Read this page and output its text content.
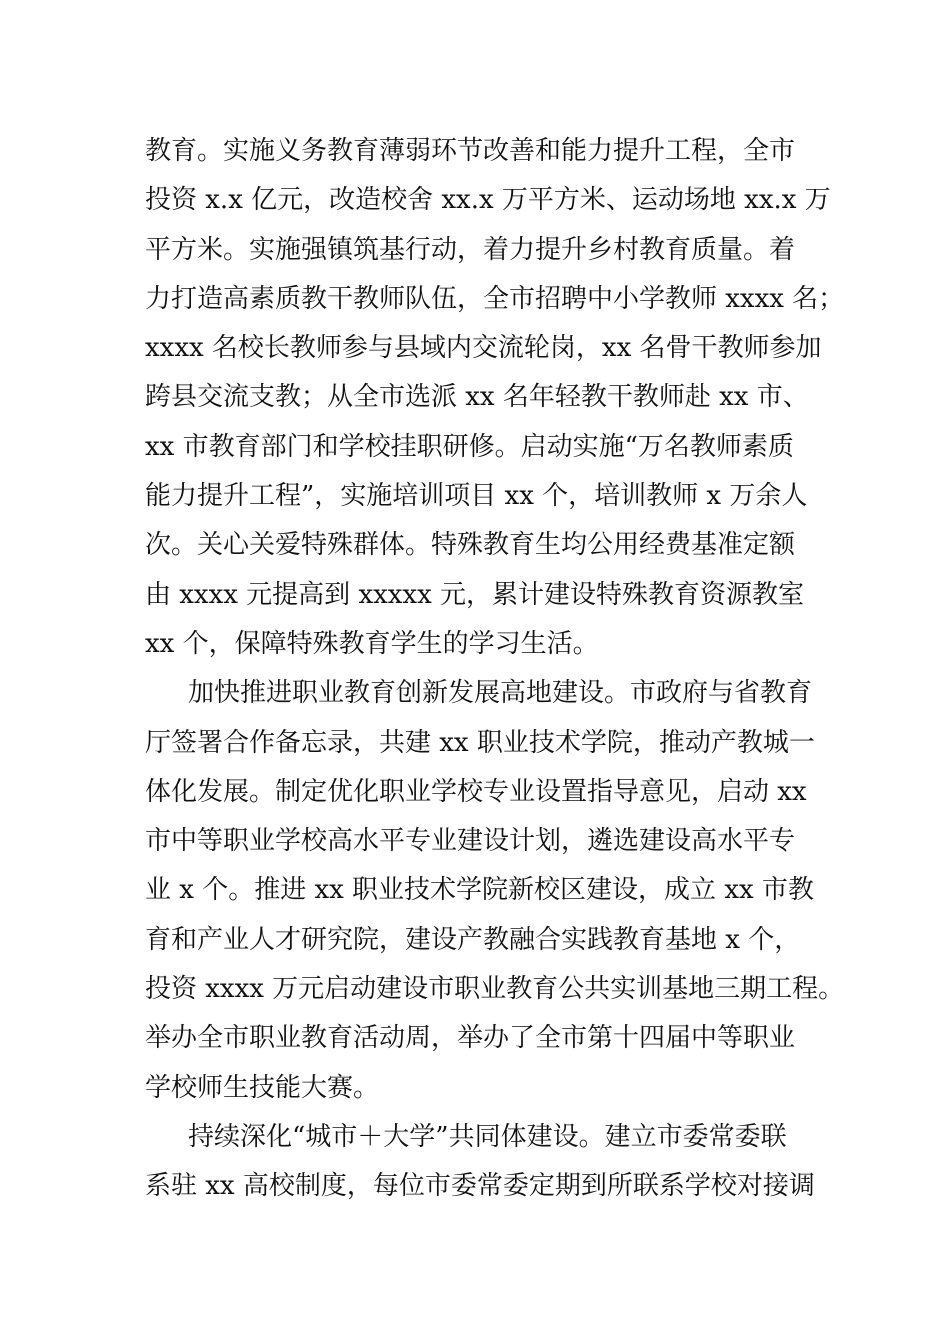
教育。实施义务教育薄弱环节改善和能力提升工程，全市
投资 x.x 亿元，改造校舍 xx.x 万平方米、运动场地 xx.x 万
平方米。实施强镇筑基行动，着力提升乡村教育质量。着
力打造高素质教干教师队伍，全市招聘中小学教师 xxxx 名；
xxxx 名校长教师参与县域内交流轮岗，xx 名骨干教师参加
跨县交流支教；从全市选派 xx 名年轻教干教师赴 xx 市、
xx 市教育部门和学校挂职研修。启动实施“万名教师素质
能力提升工程”，实施培训项目 xx 个，培训教师 x 万余人
次。关心关爱特殊群体。特殊教育生均公用经费基准定额
由 xxxx 元提高到 xxxxx 元，累计建设特殊教育资源教室
xx 个，保障特殊教育学生的学习生活。
加快推进职业教育创新发展高地建设。市政府与省教育
厅签署合作备忘录，共建 xx 职业技术学院，推动产教城一
体化发展。制定优化职业学校专业设置指导意见，启动 xx
市中等职业学校高水平专业建设计划，遴选建设高水平专
业 x 个。推进 xx 职业技术学院新校区建设，成立 xx 市教
育和产业人才研究院，建设产教融合实践教育基地 x 个，
投资 xxxx 万元启动建设市职业教育公共实训基地三期工程。
举办全市职业教育活动周，举办了全市第十四届中等职业
学校师生技能大赛。
持续深化“城市＋大学”共同体建设。建立市委常委联
系驻 xx 高校制度，每位市委常委定期到所联系学校对接调
